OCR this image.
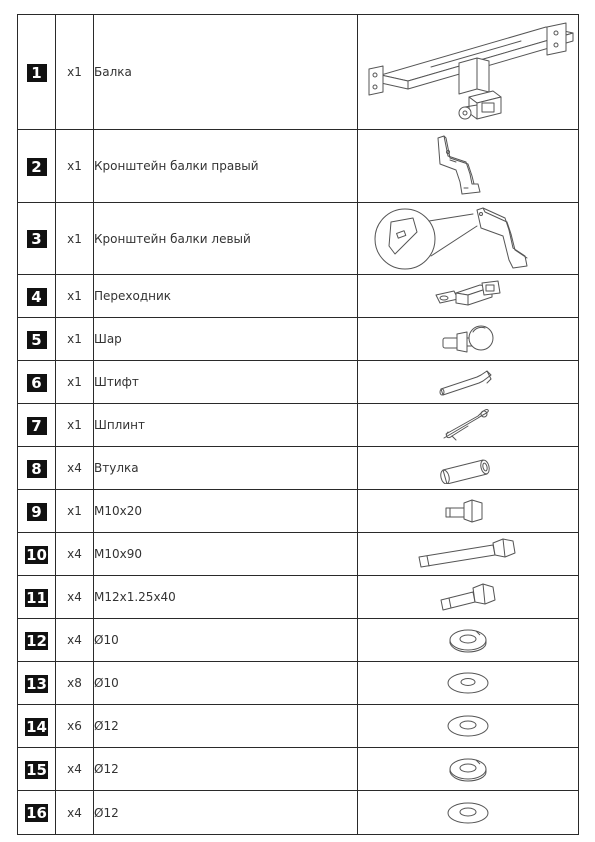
1	x1	Балка	

2	x1	Кронштейн балки правый	

3	x1	Кронштейн балки левый	

4	x1	Переходник	

5	x1	Шар	

6	x1	Штифт	

7	x1	Шплинт	

8	x4	Втулка	

9	x1	M10x20	

10	x4	M10x90	

11	x4	M12x1.25x40	

12	x4	Ø10	

13	x8	Ø10	

14	x6	Ø12	

15	x4	Ø12	

16	x4	Ø12	
